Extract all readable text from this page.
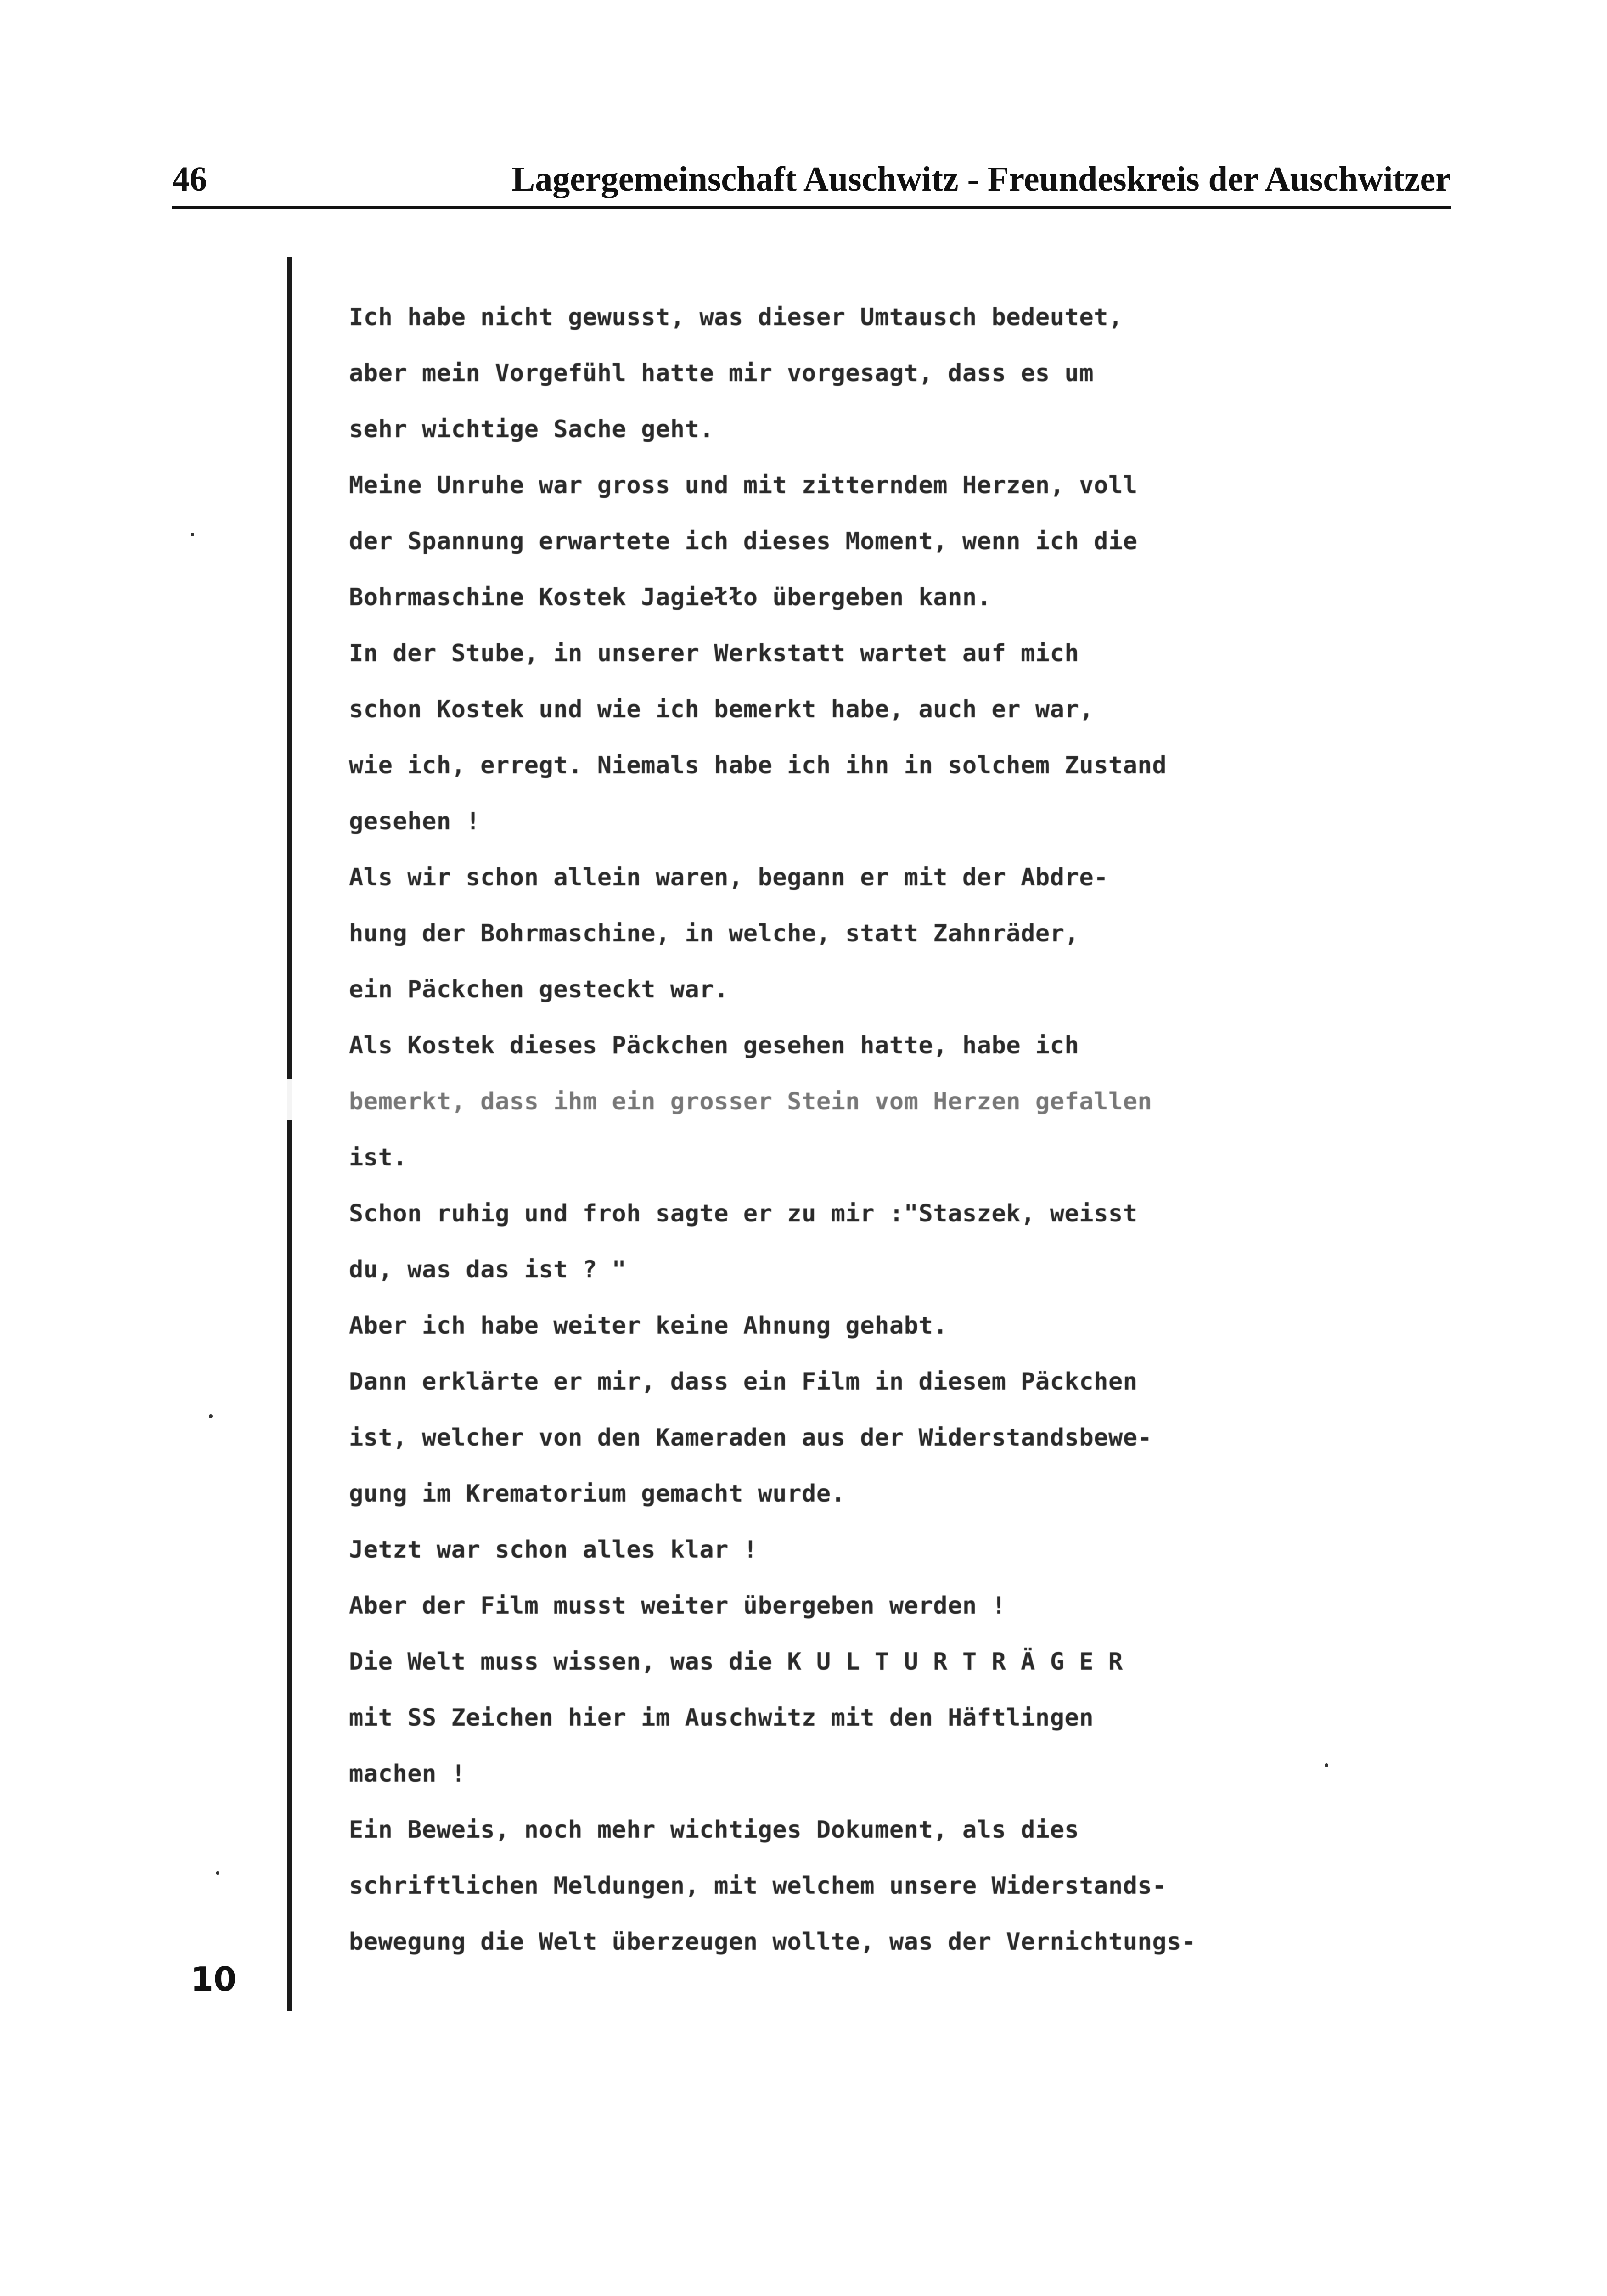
46	Lagergemeinschaft Auschwitz - Freundeskreis der Auschwitzer
Ich habe nicht gewusst, was dieser Umtausch bedeutet,
aber mein Vorgefühl hatte mir vorgesagt, dass es um
sehr wichtige Sache geht.
Meine Unruhe war gross und mit zitterndem Herzen, voll
der Spannung erwartete ich dieses Moment, wenn ich die
Bohrmaschine Kostek Jagiełło übergeben kann.
In der Stube, in unserer Werkstatt wartet auf mich
schon Kostek und wie ich bemerkt habe, auch er war,
wie ich, erregt. Niemals habe ich ihn in solchem Zustand
gesehen !
Als wir schon allein waren, begann er mit der Abdre-
hung der Bohrmaschine, in welche, statt Zahnräder,
ein Päckchen gesteckt war.
Als Kostek dieses Päckchen gesehen hatte, habe ich
bemerkt, dass ihm ein grosser Stein vom Herzen gefallen
ist.
Schon ruhig und froh sagte er zu mir :"Staszek, weisst
du, was das ist ? "
Aber ich habe weiter keine Ahnung gehabt.
Dann erklärte er mir, dass ein Film in diesem Päckchen
ist, welcher von den Kameraden aus der Widerstandsbewe-
gung im Krematorium gemacht wurde.
Jetzt war schon alles klar !
Aber der Film musst weiter übergeben werden !
Die Welt muss wissen, was die K U L T U R T R Ä G E R
mit SS Zeichen hier im Auschwitz mit den Häftlingen
machen !
Ein Beweis, noch mehr wichtiges Dokument, als dies
schriftlichen Meldungen, mit welchem unsere Widerstands-
bewegung die Welt überzeugen wollte, was der Vernichtungs-
10
